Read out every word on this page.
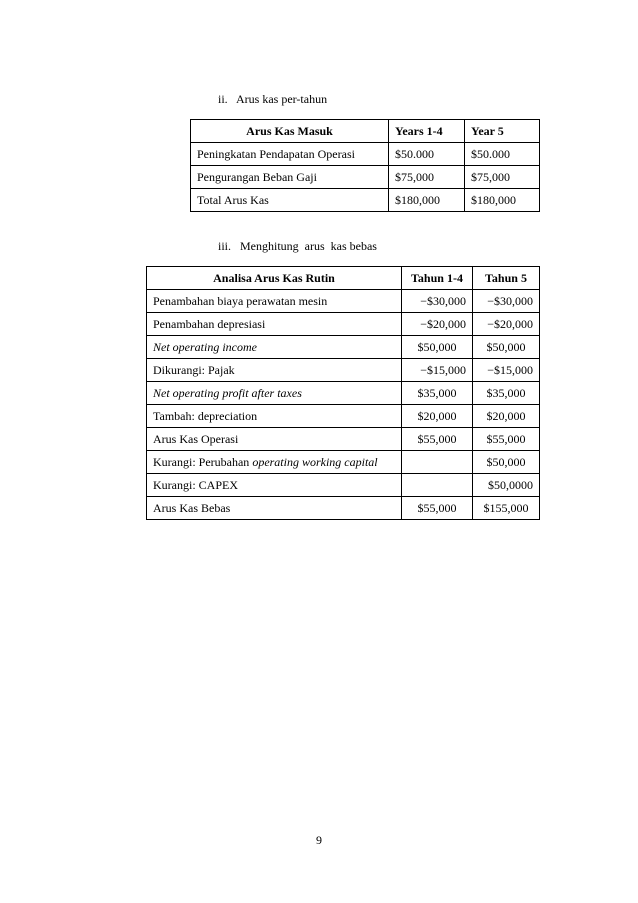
ii.   Arus kas per-tahun
Arus Kas Masuk	Years 1-4	Year 5
Peningkatan Pendapatan Operasi	$50.000	$50.000
Pengurangan Beban Gaji	$75,000	$75,000
Total Arus Kas	$180,000	$180,000
iii.   Menghitung  arus  kas bebas
Analisa Arus Kas Rutin	Tahun 1-4	Tahun 5
Penambahan biaya perawatan mesin	−$30,000	−$30,000
Penambahan depresiasi	−$20,000	−$20,000
Net operating income	$50,000	$50,000
Dikurangi: Pajak	−$15,000	−$15,000
Net operating profit after taxes	$35,000	$35,000
Tambah: depreciation	$20,000	$20,000
Arus Kas Operasi	$55,000	$55,000
Kurangi: Perubahan operating working capital		$50,000
Kurangi: CAPEX		$50,0000
Arus Kas Bebas	$55,000	$155,000
9
